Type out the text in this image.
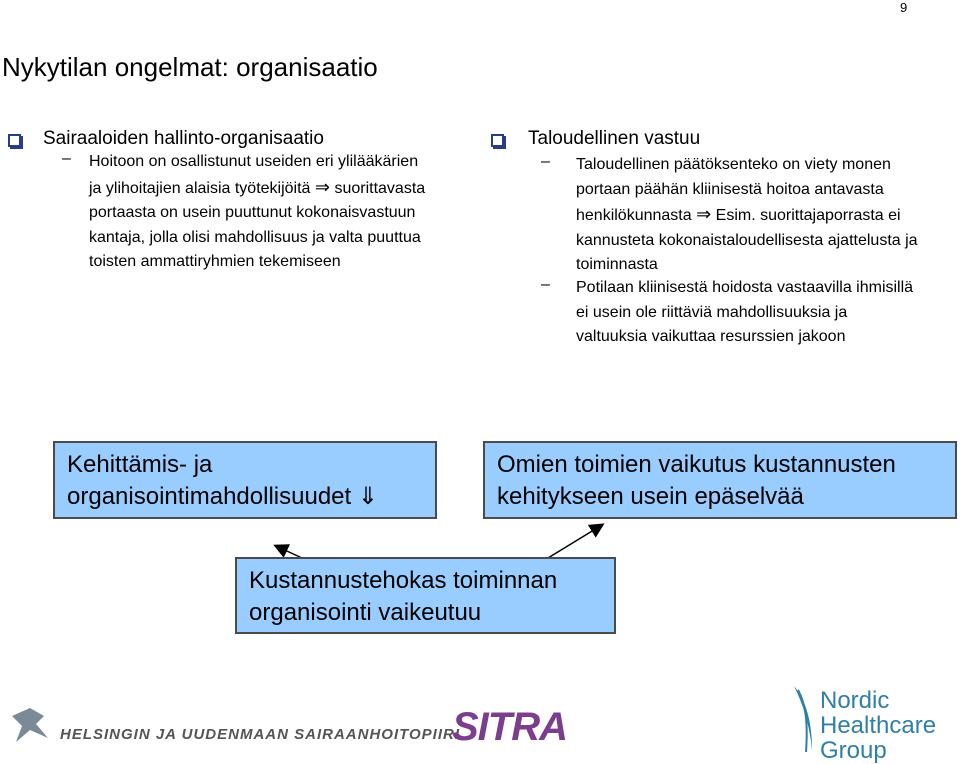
9
Nykytilan ongelmat: organisaatio
Sairaaloiden hallinto-organisaatio
– Hoitoon on osallistunut useiden eri ylilääkärien
ja ylihoitajien alaisia työtekijöitä ⇒ suorittavasta
portaasta on usein puuttunut kokonaisvastuun
kantaja, jolla olisi mahdollisuus ja valta puuttua
toisten ammattiryhmien tekemiseen
Taloudellinen vastuu
– Taloudellinen päätöksenteko on viety monen
portaan päähän kliinisestä hoitoa antavasta
henkilökunnasta ⇒ Esim. suorittajaporrasta ei
kannusteta kokonaistaloudellisesta ajattelusta ja
toiminnasta
– Potilaan kliinisestä hoidosta vastaavilla ihmisillä
ei usein ole riittäviä mahdollisuuksia ja
valtuuksia vaikuttaa resurssien jakoon
Kehittämis- ja
organisointimahdollisuudet ⇓
Omien toimien vaikutus kustannusten
kehitykseen usein epäselvää
Kustannustehokas toiminnan
organisointi vaikeutuu
HELSINGIN JA UUDENMAAN SAIRAANHOITOPIIRI
SITRA
Nordic
Healthcare
Group
